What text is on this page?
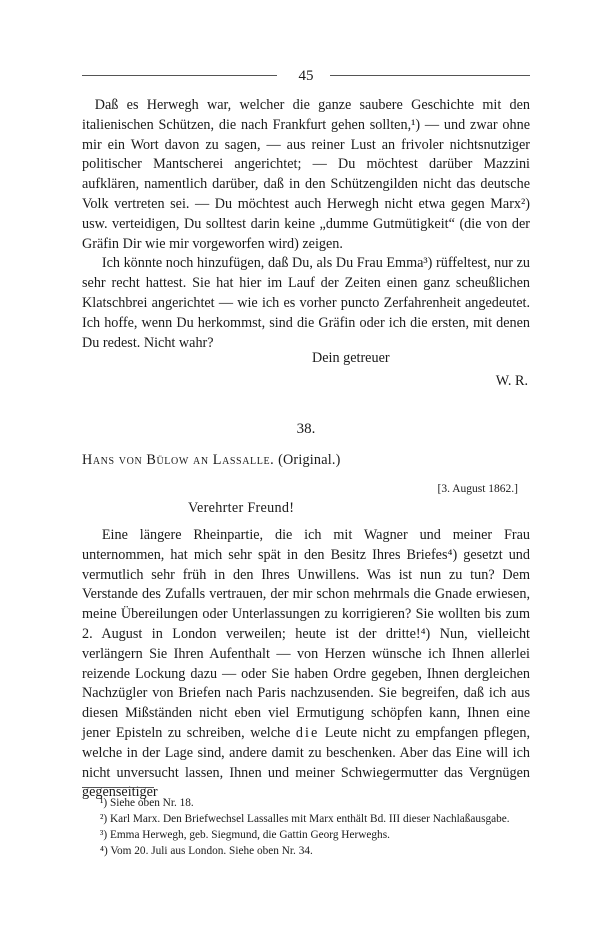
45

Daß es Herwegh war, welcher die ganze saubere Geschichte mit den italienischen Schützen, die nach Frankfurt gehen sollten,¹) — und zwar ohne mir ein Wort davon zu sagen, — aus reiner Lust an frivoler nichtsnutziger politischer Mantscherei angerichtet; — Du möchtest darüber Mazzini aufklären, namentlich darüber, daß in den Schützengilden nicht das deutsche Volk vertreten sei. — Du möchtest auch Herwegh nicht etwa gegen Marx²) usw. verteidigen, Du solltest darin keine „dumme Gutmütigkeit“ (die von der Gräfin Dir wie mir vorgeworfen wird) zeigen.

Ich könnte noch hinzufügen, daß Du, als Du Frau Emma³) rüffeltest, nur zu sehr recht hattest. Sie hat hier im Lauf der Zeiten einen ganz scheußlichen Klatschbrei angerichtet — wie ich es vorher puncto Zerfahrenheit angedeutet. Ich hoffe, wenn Du herkommst, sind die Gräfin oder ich die ersten, mit denen Du redest. Nicht wahr?

Dein getreuer
W. R.
38.
Hans von Bülow an Lassalle. (Original.)
[3. August 1862.]
Verehrter Freund!

Eine längere Rheinpartie, die ich mit Wagner und meiner Frau unternommen, hat mich sehr spät in den Besitz Ihres Briefes⁴) gesetzt und vermutlich sehr früh in den Ihres Unwillens. Was ist nun zu tun? Dem Verstande des Zufalls vertrauen, der mir schon mehrmals die Gnade erwiesen, meine Übereilungen oder Unterlassungen zu korrigieren? Sie wollten bis zum 2. August in London verweilen; heute ist der dritte!⁴) Nun, vielleicht verlängern Sie Ihren Aufenthalt — von Herzen wünsche ich Ihnen allerlei reizende Lockung dazu — oder Sie haben Ordre gegeben, Ihnen dergleichen Nachzügler von Briefen nach Paris nachzusenden. Sie begreifen, daß ich aus diesen Mißständen nicht eben viel Ermutigung schöpfen kann, Ihnen eine jener Episteln zu schreiben, welche die Leute nicht zu empfangen pflegen, welche in der Lage sind, andere damit zu beschenken. Aber das Eine will ich nicht unversucht lassen, Ihnen und meiner Schwiegermutter das Vergnügen gegenseitiger

¹) Siehe oben Nr. 18.

²) Karl Marx. Den Briefwechsel Lassalles mit Marx enthält Bd. III dieser Nachlaßausgabe.

³) Emma Herwegh, geb. Siegmund, die Gattin Georg Herweghs.

⁴) Vom 20. Juli aus London. Siehe oben Nr. 34.
